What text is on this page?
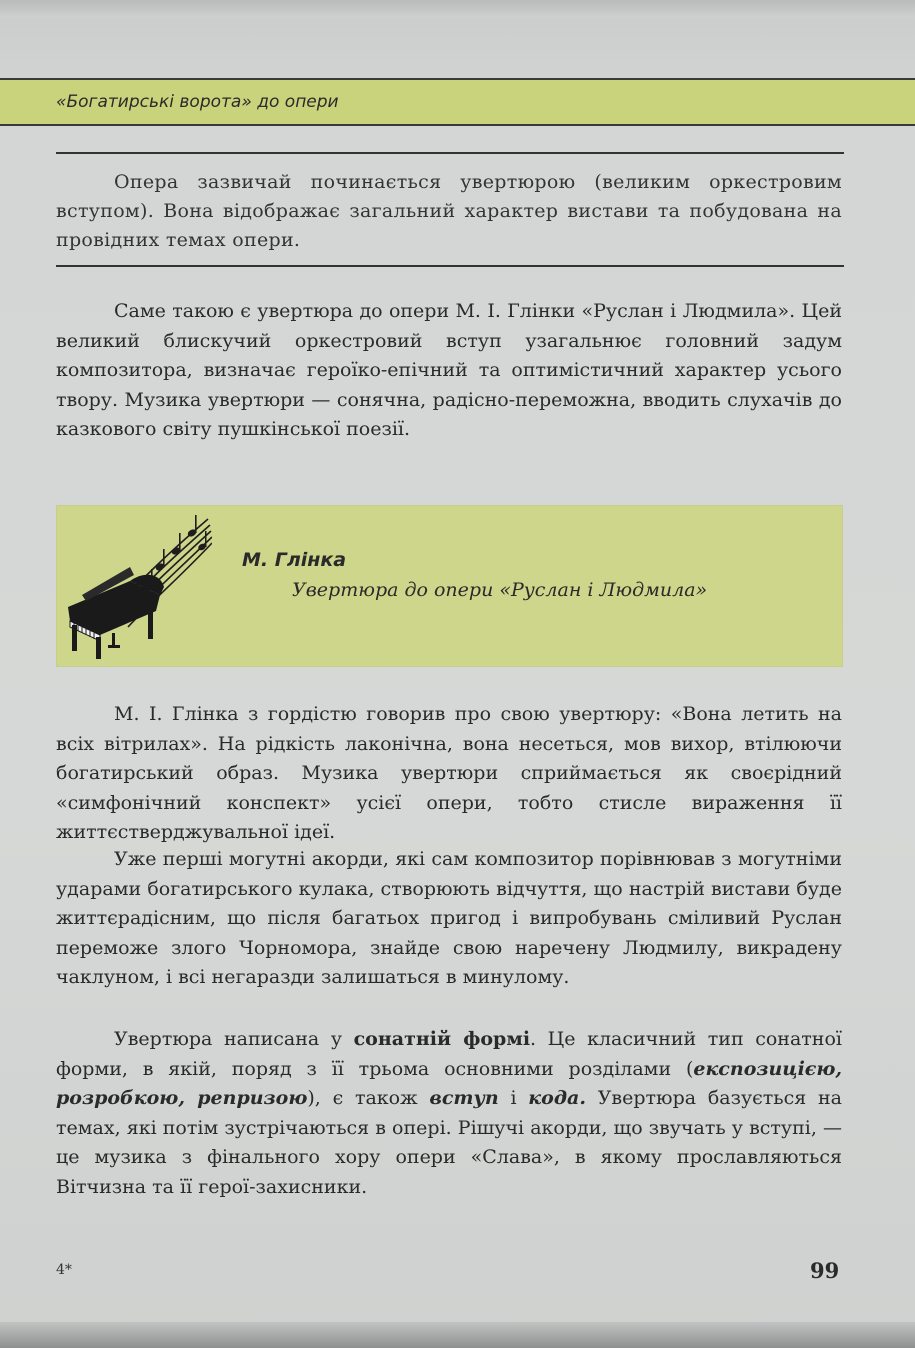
«Богатирські ворота» до опери
Опера зазвичай починається увертюрою (великим оркестровим вступом). Вона відображає загальний характер вистави та побудована на провідних темах опери.
Саме такою є увертюра до опери М. І. Глінки «Руслан і Людмила». Цей великий блискучий оркестровий вступ узагальнює головний задум композитора, визначає героїко-епічний та оптимістичний характер усього твору. Музика увертюри — сонячна, радісно-переможна, вводить слухачів до казкового світу пушкінської поезії.
М. Глінка
Увертюра до опери «Руслан і Людмила»
М. І. Глінка з гордістю говорив про свою увертюру: «Вона летить на всіх вітрилах». На рідкість лаконічна, вона несеться, мов вихор, втілюючи богатирський образ. Музика увертюри сприймається як своєрідний «симфонічний конспект» усієї опери, тобто стисле вираження її життєстверджувальної ідеї.
Уже перші могутні акорди, які сам композитор порівнював з могутніми ударами богатирського кулака, створюють відчуття, що настрій вистави буде життєрадісним, що після багатьох пригод і випробувань сміливий Руслан переможе злого Чорномора, знайде свою наречену Людмилу, викрадену чаклуном, і всі негаразди залишаться в минулому.
Увертюра написана у сонатній формі. Це класичний тип сонатної форми, в якій, поряд з її трьома основними розділами (експозицією, розробкою, репризою), є також вступ і кода. Увертюра базується на темах, які потім зустрічаються в опері. Рішучі акорди, що звучать у вступі, — це музика з фінального хору опери «Слава», в якому прославляються Вітчизна та її герої-захисники.
4*	99
